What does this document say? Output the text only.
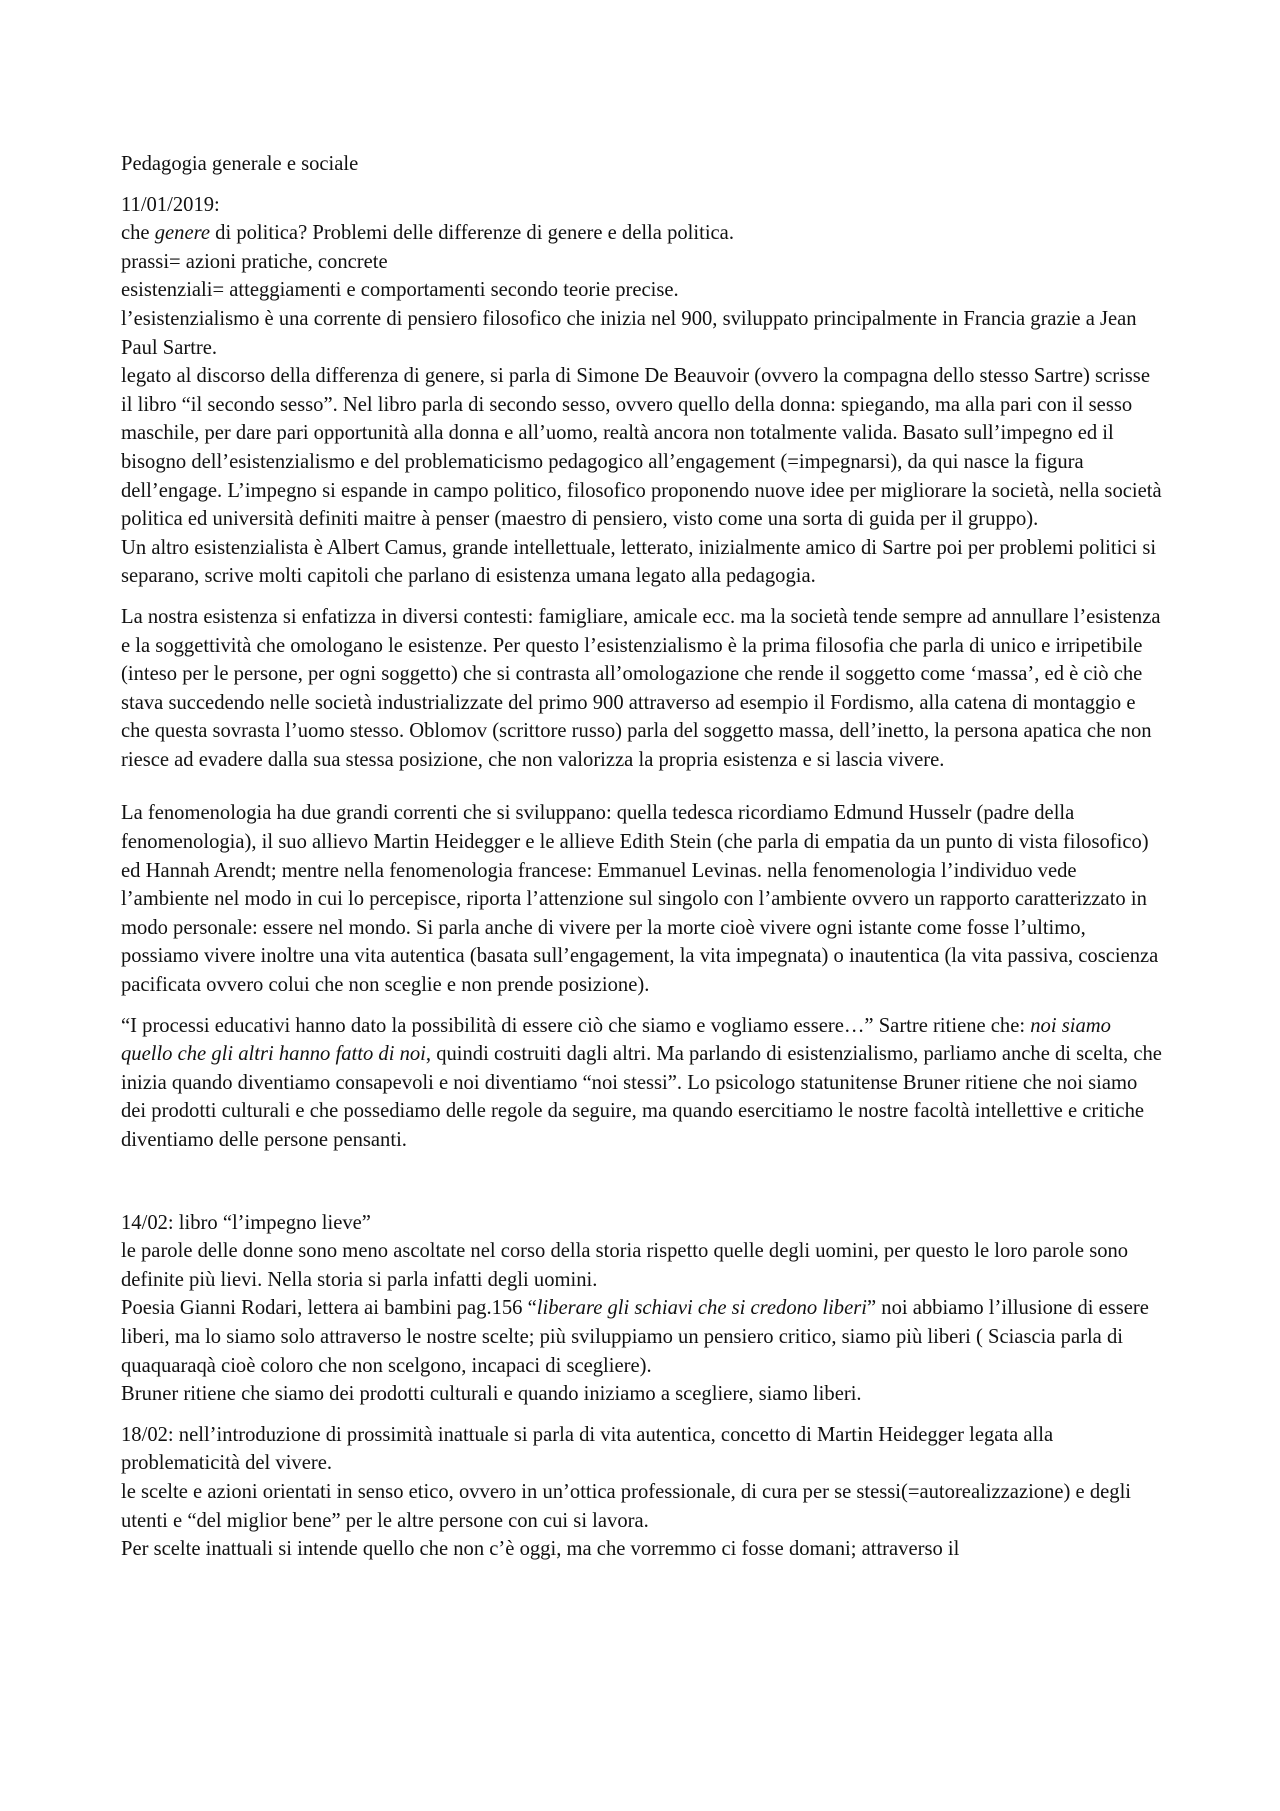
Pedagogia generale e sociale

11/01/2019:

che genere di politica? Problemi delle differenze di genere e della politica.

prassi= azioni pratiche, concrete

esistenziali= atteggiamenti e comportamenti secondo teorie precise.

l’esistenzialismo è una corrente di pensiero filosofico che inizia nel 900, sviluppato principalmente in Francia grazie a Jean Paul Sartre.

legato al discorso della differenza di genere, si parla di Simone De Beauvoir (ovvero la compagna dello stesso Sartre) scrisse il libro “il secondo sesso”. Nel libro parla di secondo sesso, ovvero quello della donna: spiegando, ma alla pari con il sesso maschile, per dare pari opportunità alla donna e all’uomo, realtà ancora non totalmente valida. Basato sull’impegno ed il bisogno dell’esistenzialismo e del problematicismo pedagogico all’engagement (=impegnarsi), da qui nasce la figura dell’engage. L’impegno si espande in campo politico, filosofico proponendo nuove idee per migliorare la società, nella società politica ed università definiti maitre à penser (maestro di pensiero, visto come una sorta di guida per il gruppo).

Un altro esistenzialista è Albert Camus, grande intellettuale, letterato, inizialmente amico di Sartre poi per problemi politici si separano, scrive molti capitoli che parlano di esistenza umana legato alla pedagogia.

La nostra esistenza si enfatizza in diversi contesti: famigliare, amicale ecc. ma la società tende sempre ad annullare l’esistenza e la soggettività che omologano le esistenze. Per questo l’esistenzialismo è la prima filosofia che parla di unico e irripetibile (inteso per le persone, per ogni soggetto) che si contrasta all’omologazione che rende il soggetto come ‘massa’, ed è ciò che stava succedendo nelle società industrializzate del primo 900 attraverso ad esempio il Fordismo, alla catena di montaggio e che questa sovrasta l’uomo stesso. Oblomov (scrittore russo) parla del soggetto massa, dell’inetto, la persona apatica che non riesce ad evadere dalla sua stessa posizione, che non valorizza la propria esistenza e si lascia vivere.

La fenomenologia ha due grandi correnti che si sviluppano: quella tedesca ricordiamo Edmund Husselr (padre della fenomenologia), il suo allievo Martin Heidegger e le allieve Edith Stein (che parla di empatia da un punto di vista filosofico) ed Hannah Arendt; mentre nella fenomenologia francese: Emmanuel Levinas. nella fenomenologia l’individuo vede l’ambiente nel modo in cui lo percepisce, riporta l’attenzione sul singolo con l’ambiente ovvero un rapporto caratterizzato in modo personale: essere nel mondo. Si parla anche di vivere per la morte cioè vivere ogni istante come fosse l’ultimo, possiamo vivere inoltre una vita autentica (basata sull’engagement, la vita impegnata) o inautentica (la vita passiva, coscienza pacificata ovvero colui che non sceglie e non prende posizione).

“I processi educativi hanno dato la possibilità di essere ciò che siamo e vogliamo essere…” Sartre ritiene che: noi siamo quello che gli altri hanno fatto di noi, quindi costruiti dagli altri. Ma parlando di esistenzialismo, parliamo anche di scelta, che inizia quando diventiamo consapevoli e noi diventiamo “noi stessi”. Lo psicologo statunitense Bruner ritiene che noi siamo dei prodotti culturali e che possediamo delle regole da seguire, ma quando esercitiamo le nostre facoltà intellettive e critiche diventiamo delle persone pensanti.

14/02: libro “l’impegno lieve”

le parole delle donne sono meno ascoltate nel corso della storia rispetto quelle degli uomini, per questo le loro parole sono definite più lievi. Nella storia si parla infatti degli uomini.

Poesia Gianni Rodari, lettera ai bambini pag.156 “liberare gli schiavi che si credono liberi” noi abbiamo l’illusione di essere liberi, ma lo siamo solo attraverso le nostre scelte; più sviluppiamo un pensiero critico, siamo più liberi ( Sciascia parla di quaquaraqà cioè coloro che non scelgono, incapaci di scegliere).

Bruner ritiene che siamo dei prodotti culturali e quando iniziamo a scegliere, siamo liberi.

18/02: nell’introduzione di prossimità inattuale si parla di vita autentica, concetto di Martin Heidegger legata alla problematicità del vivere.

le scelte e azioni orientati in senso etico, ovvero in un’ottica professionale, di cura per se stessi(=autorealizzazione) e degli utenti e “del miglior bene” per le altre persone con cui si lavora.

Per scelte inattuali si intende quello che non c’è oggi, ma che vorremmo ci fosse domani; attraverso il
